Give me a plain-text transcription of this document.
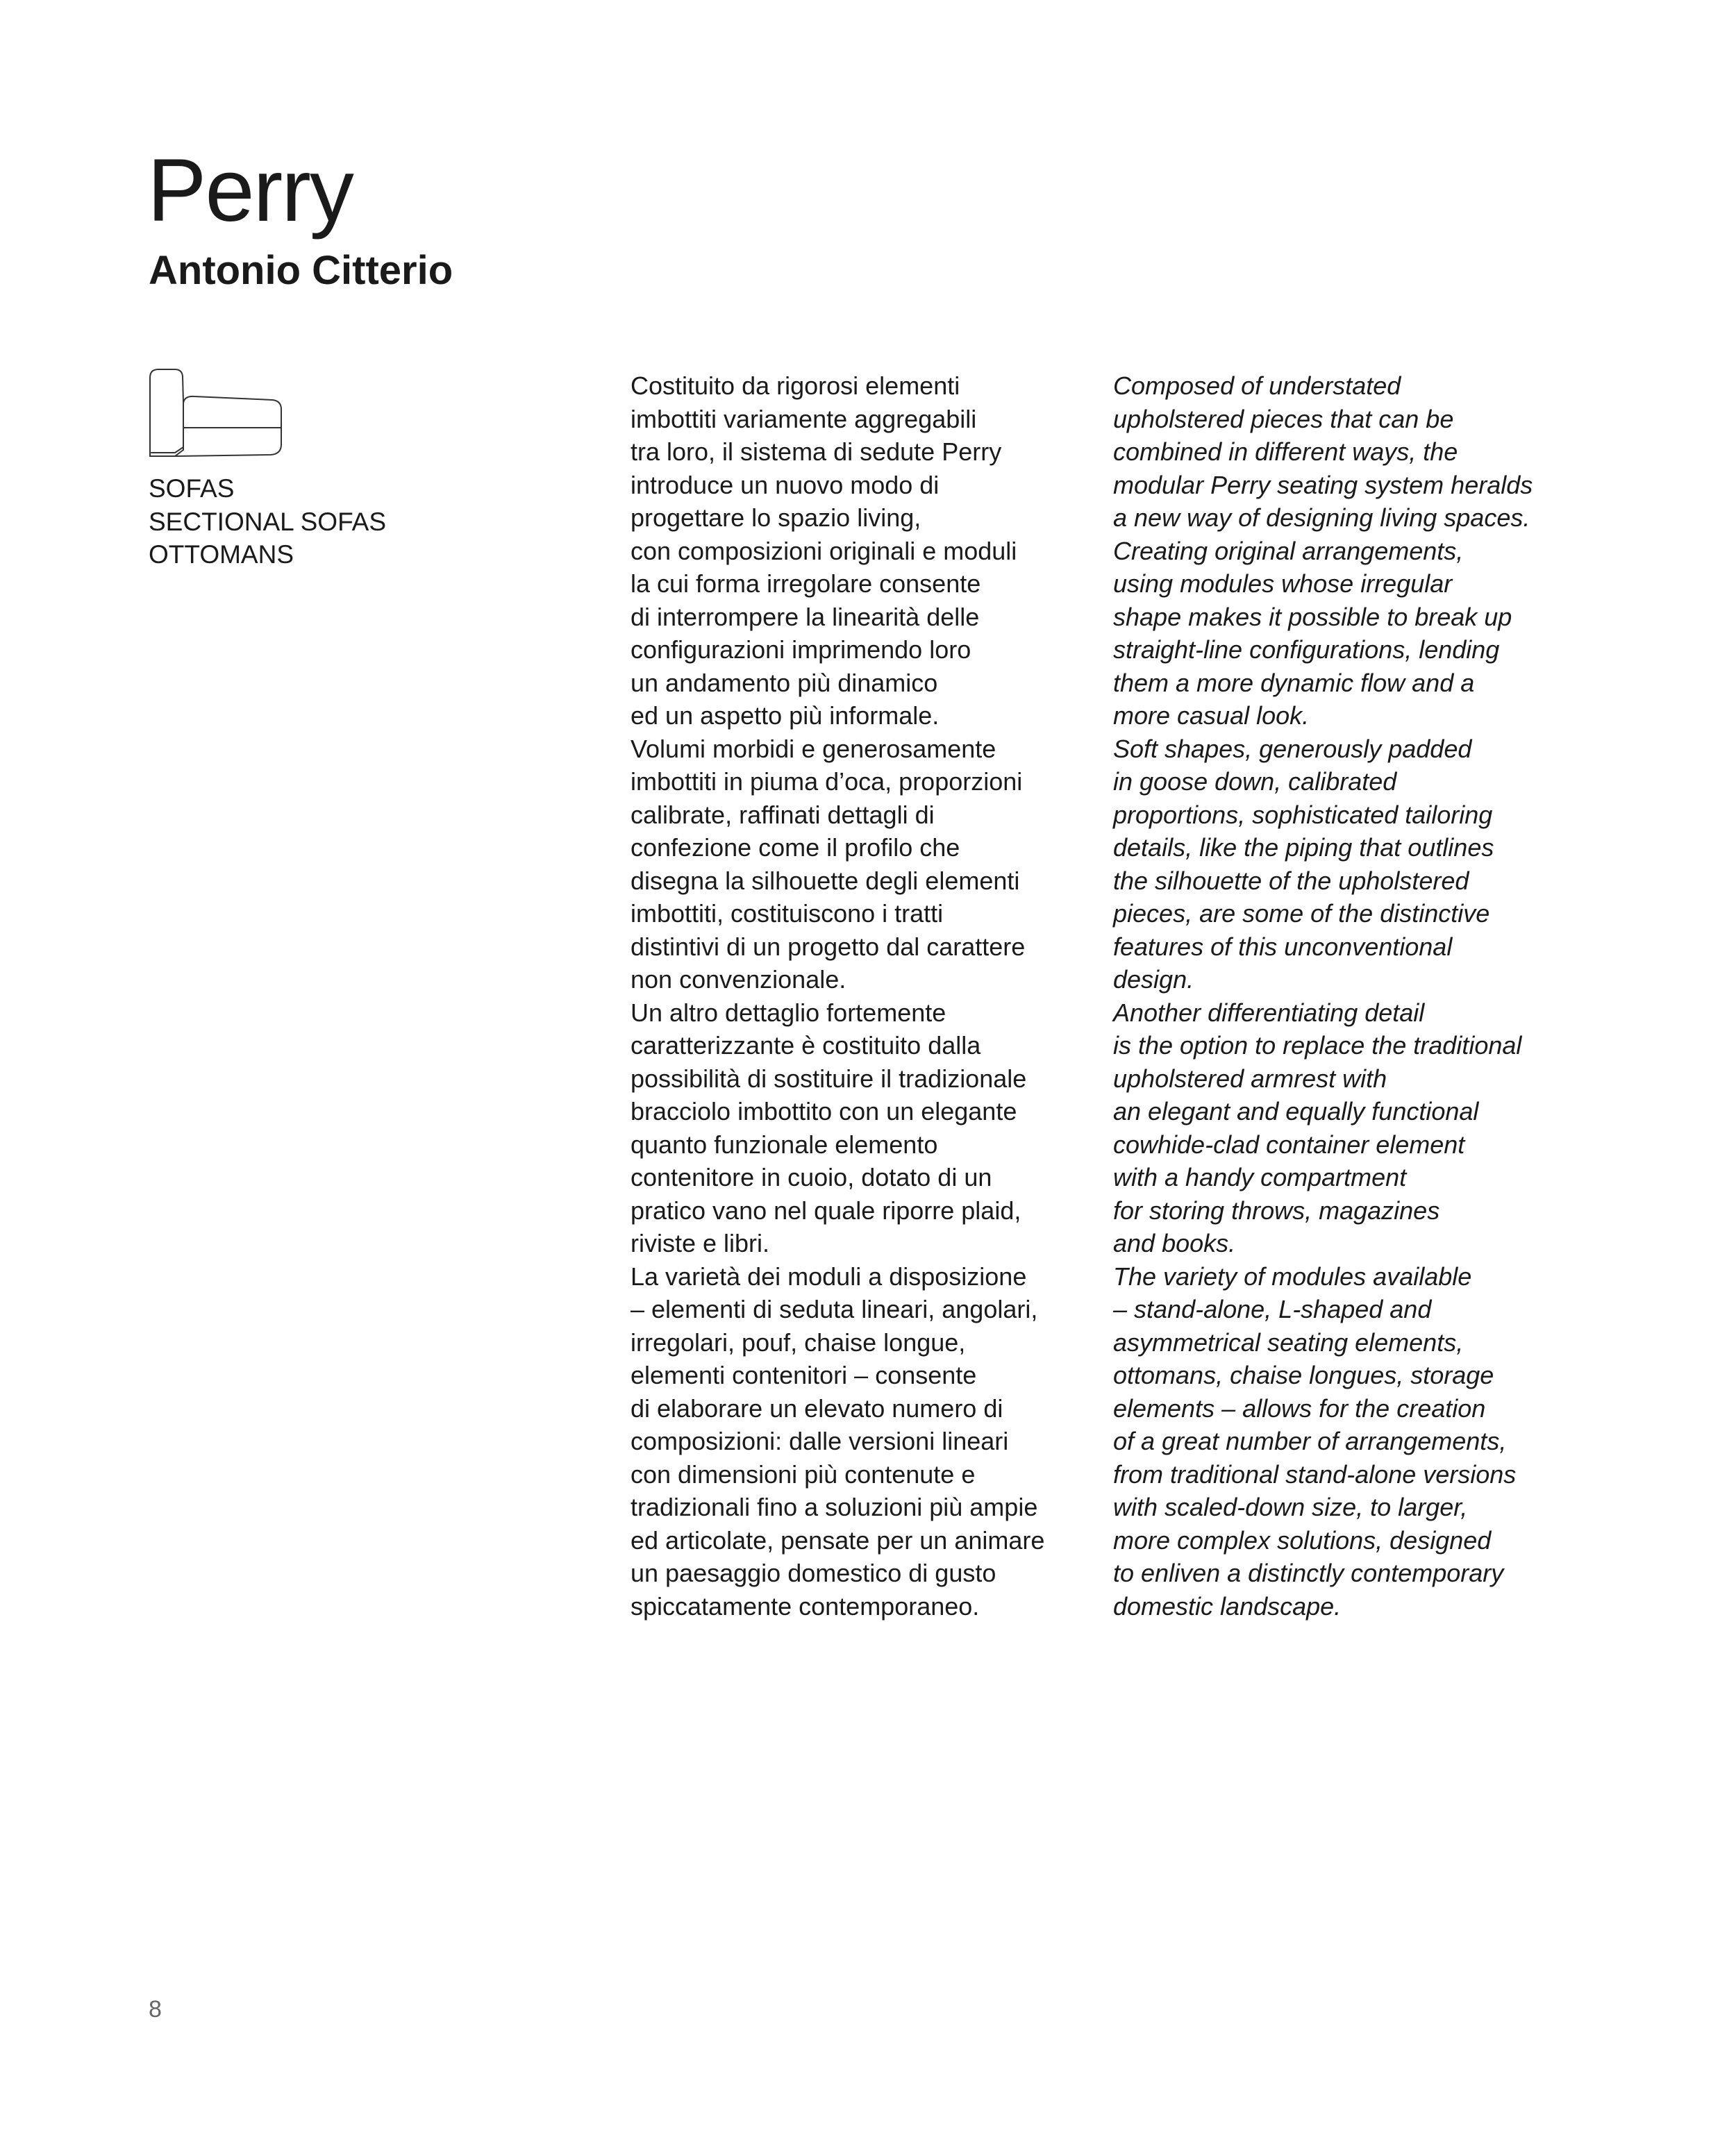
Perry
Antonio Citterio
SOFAS
SECTIONAL SOFAS
OTTOMANS
Costituito da rigorosi elementi
imbottiti variamente aggregabili
tra loro, il sistema di sedute Perry
introduce un nuovo modo di
progettare lo spazio living,
con composizioni originali e moduli
la cui forma irregolare consente
di interrompere la linearità delle
configurazioni imprimendo loro
un andamento più dinamico
ed un aspetto più informale.
Volumi morbidi e generosamente
imbottiti in piuma d’oca, proporzioni
calibrate, raffinati dettagli di
confezione come il profilo che
disegna la silhouette degli elementi
imbottiti, costituiscono i tratti
distintivi di un progetto dal carattere
non convenzionale.
Un altro dettaglio fortemente
caratterizzante è costituito dalla
possibilità di sostituire il tradizionale
bracciolo imbottito con un elegante
quanto funzionale elemento
contenitore in cuoio, dotato di un
pratico vano nel quale riporre plaid,
riviste e libri.
La varietà dei moduli a disposizione
– elementi di seduta lineari, angolari,
irregolari, pouf, chaise longue,
elementi contenitori – consente
di elaborare un elevato numero di
composizioni: dalle versioni lineari
con dimensioni più contenute e
tradizionali fino a soluzioni più ampie
ed articolate, pensate per un animare
un paesaggio domestico di gusto
spiccatamente contemporaneo.
Composed of understated
upholstered pieces that can be
combined in different ways, the
modular Perry seating system heralds
a new way of designing living spaces.
Creating original arrangements,
using modules whose irregular
shape makes it possible to break up
straight-line configurations, lending
them a more dynamic flow and a
more casual look.
Soft shapes, generously padded
in goose down, calibrated
proportions, sophisticated tailoring
details, like the piping that outlines
the silhouette of the upholstered
pieces, are some of the distinctive
features of this unconventional
design.
Another differentiating detail
is the option to replace the traditional
upholstered armrest with
an elegant and equally functional
cowhide-clad container element
with a handy compartment
for storing throws, magazines
and books.
The variety of modules available
– stand-alone, L-shaped and
asymmetrical seating elements,
ottomans, chaise longues, storage
elements – allows for the creation
of a great number of arrangements,
from traditional stand-alone versions
with scaled-down size, to larger,
more complex solutions, designed
to enliven a distinctly contemporary
domestic landscape.
8
